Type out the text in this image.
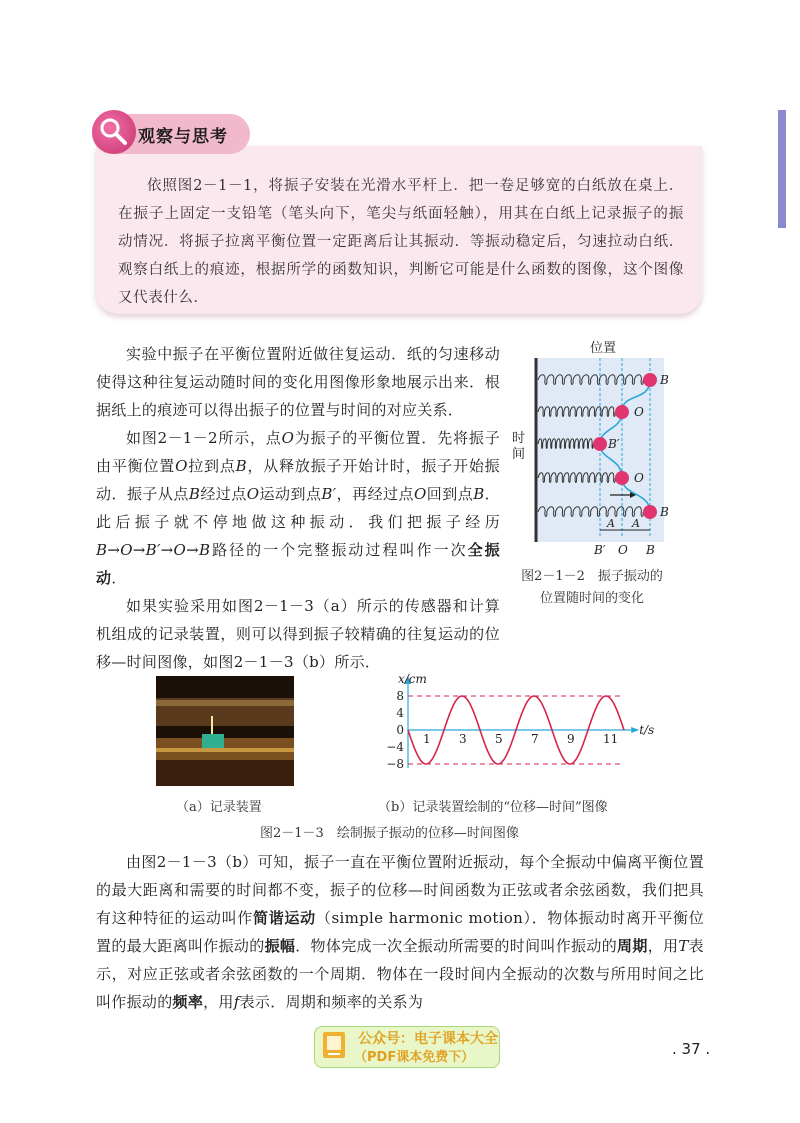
观察与思考

依照图2－1－1，将振子安装在光滑水平杆上．把一卷足够宽的白纸放在桌上．在振子上固定一支铅笔（笔头向下，笔尖与纸面轻触），用其在白纸上记录振子的振动情况．将振子拉离平衡位置一定距离后让其振动．等振动稳定后，匀速拉动白纸．观察白纸上的痕迹，根据所学的函数知识，判断它可能是什么函数的图像，这个图像又代表什么．

实验中振子在平衡位置附近做往复运动．纸的匀速移动使得这种往复运动随时间的变化用图像形象地展示出来．根据纸上的痕迹可以得出振子的位置与时间的对应关系．

如图2－1－2所示，点O为振子的平衡位置．先将振子由平衡位置O拉到点B，从释放振子开始计时，振子开始振动．振子从点B经过点O运动到点B′，再经过点O回到点B．此后振子就不停地做这种振动．我们把振子经历B→O→B′→O→B路径的一个完整振动过程叫作一次全振动．

如果实验采用如图2－1－3（a）所示的传感器和计算机组成的记录装置，则可以得到振子较精确的往复运动的位移—时间图像，如图2－1－3（b）所示．

位置
时
间
B
O
B′
O
B
A A
B′ O B
图2－1－2　振子振动的
位置随时间的变化
8
4
0
−4
−8
1 3 5 7 9 11
x/cm
t/s
（a）记录装置	（b）记录装置绘制的“位移—时间”图像
图2－1－3　绘制振子振动的位移—时间图像

由图2－1－3（b）可知，振子一直在平衡位置附近振动，每个全振动中偏离平衡位置的最大距离和需要的时间都不变，振子的位移—时间函数为正弦或者余弦函数，我们把具有这种特征的运动叫作简谐运动（simple harmonic motion）．物体振动时离开平衡位置的最大距离叫作振动的振幅．物体完成一次全振动所需要的时间叫作振动的周期，用T表示，对应正弦或者余弦函数的一个周期．物体在一段时间内全振动的次数与所用时间之比叫作振动的频率，用f表示．周期和频率的关系为

公众号：电子课本大全
（PDF课本免费下）	. 37 .
